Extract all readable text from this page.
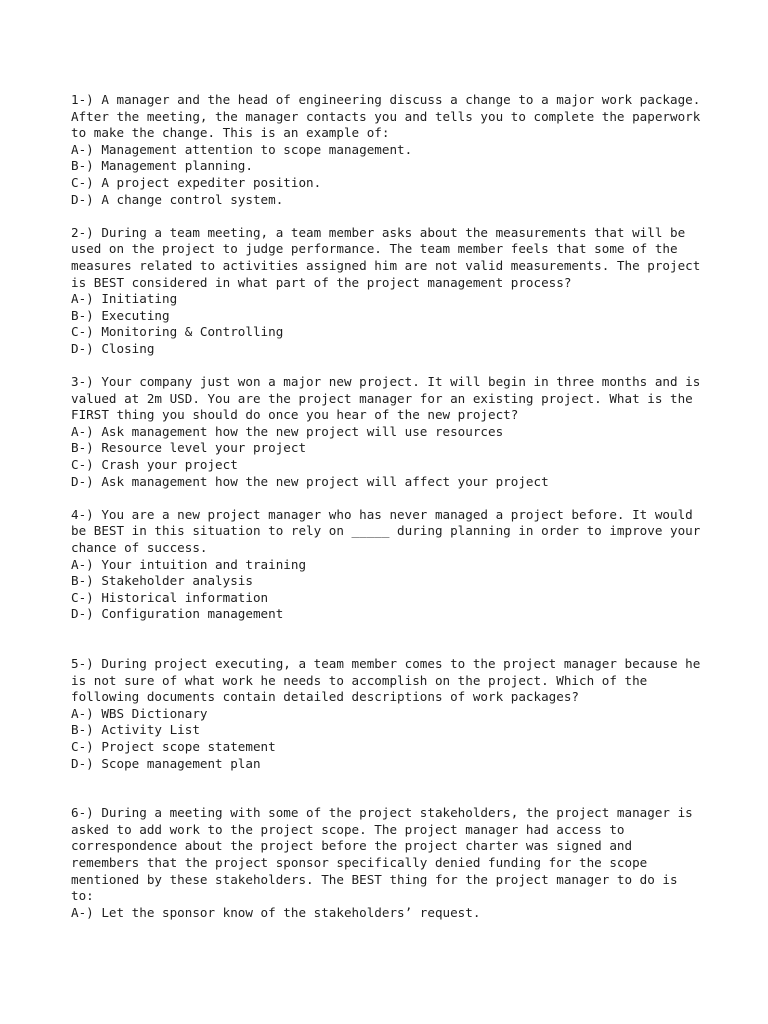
1-) A manager and the head of engineering discuss a change to a major work package.
After the meeting, the manager contacts you and tells you to complete the paperwork
to make the change. This is an example of:

A-) Management attention to scope management.

B-) Management planning.

C-) A project expediter position.

D-) A change control system.

2-) During a team meeting, a team member asks about the measurements that will be
used on the project to judge performance. The team member feels that some of the
measures related to activities assigned him are not valid measurements. The project
is BEST considered in what part of the project management process?

A-) Initiating

B-) Executing

C-) Monitoring & Controlling

D-) Closing

3-) Your company just won a major new project. It will begin in three months and is
valued at 2m USD. You are the project manager for an existing project. What is the
FIRST thing you should do once you hear of the new project?

A-) Ask management how the new project will use resources

B-) Resource level your project

C-) Crash your project

D-) Ask management how the new project will affect your project

4-) You are a new project manager who has never managed a project before. It would
be BEST in this situation to rely on _____ during planning in order to improve your
chance of success.

A-) Your intuition and training

B-) Stakeholder analysis

C-) Historical information

D-) Configuration management

5-) During project executing, a team member comes to the project manager because he
is not sure of what work he needs to accomplish on the project. Which of the
following documents contain detailed descriptions of work packages?

A-) WBS Dictionary

B-) Activity List

C-) Project scope statement

D-) Scope management plan

6-) During a meeting with some of the project stakeholders, the project manager is
asked to add work to the project scope. The project manager had access to
correspondence about the project before the project charter was signed and
remembers that the project sponsor specifically denied funding for the scope
mentioned by these stakeholders. The BEST thing for the project manager to do is
to:

A-) Let the sponsor know of the stakeholders’ request.
